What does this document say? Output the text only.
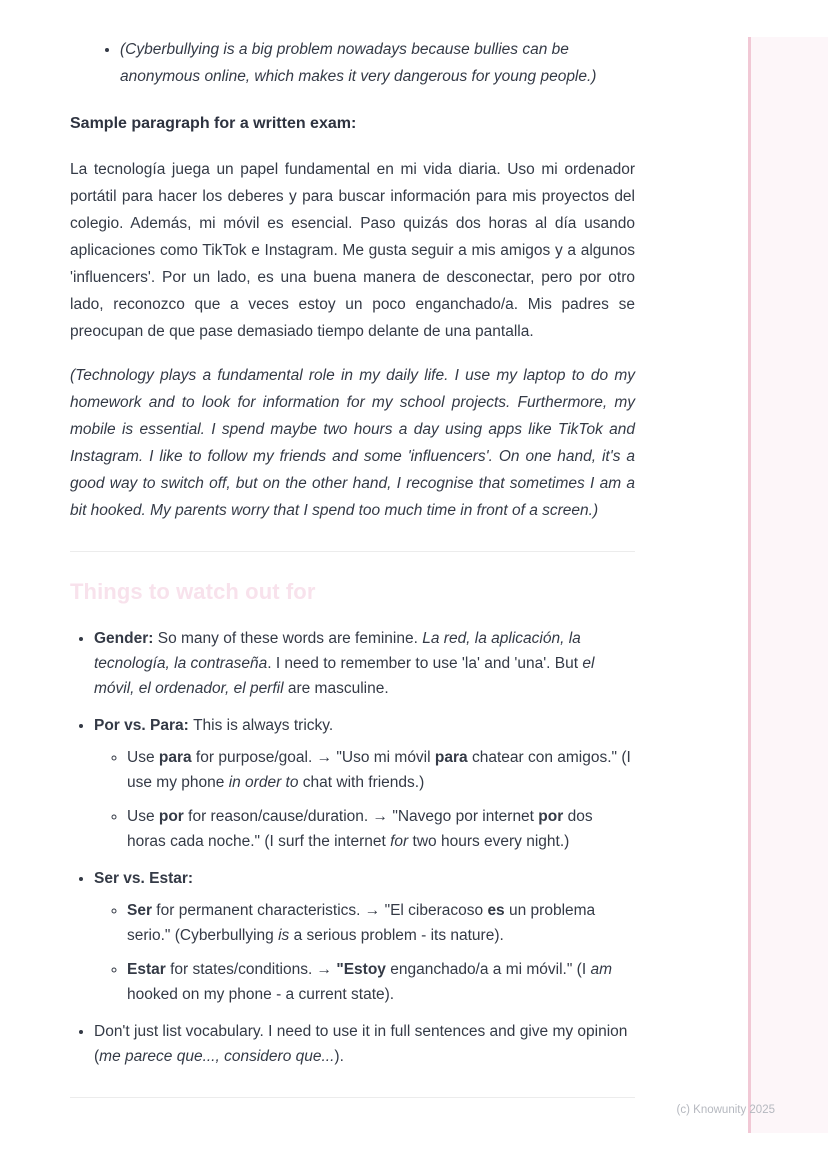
• (Cyberbullying is a big problem nowadays because bullies can be anonymous online, which makes it very dangerous for young people.)
Sample paragraph for a written exam:

La tecnología juega un papel fundamental en mi vida diaria. Uso mi ordenador portátil para hacer los deberes y para buscar información para mis proyectos del colegio. Además, mi móvil es esencial. Paso quizás dos horas al día usando aplicaciones como TikTok e Instagram. Me gusta seguir a mis amigos y a algunos 'influencers'. Por un lado, es una buena manera de desconectar, pero por otro lado, reconozco que a veces estoy un poco enganchado/a. Mis padres se preocupan de que pase demasiado tiempo delante de una pantalla.

(Technology plays a fundamental role in my daily life. I use my laptop to do my homework and to look for information for my school projects. Furthermore, my mobile is essential. I spend maybe two hours a day using apps like TikTok and Instagram. I like to follow my friends and some 'influencers'. On one hand, it's a good way to switch off, but on the other hand, I recognise that sometimes I am a bit hooked. My parents worry that I spend too much time in front of a screen.)

Things to watch out for
• Gender: So many of these words are feminine. La red, la aplicación, la tecnología, la contraseña. I need to remember to use 'la' and 'una'. But el móvil, el ordenador, el perfil are masculine.
• Por vs. Para: This is always tricky.
◦ Use para for purpose/goal. → "Uso mi móvil para chatear con amigos." (I use my phone in order to chat with friends.)
◦ Use por for reason/cause/duration. → "Navego por internet por dos horas cada noche." (I surf the internet for two hours every night.)
• Ser vs. Estar:
◦ Ser for permanent characteristics. → "El ciberacoso es un problema serio." (Cyberbullying is a serious problem - its nature).
◦ Estar for states/conditions. → "Estoy enganchado/a a mi móvil." (I am hooked on my phone - a current state).
• Don't just list vocabulary. I need to use it in full sentences and give my opinion (me parece que..., considero que...).
(c) Knowunity 2025
